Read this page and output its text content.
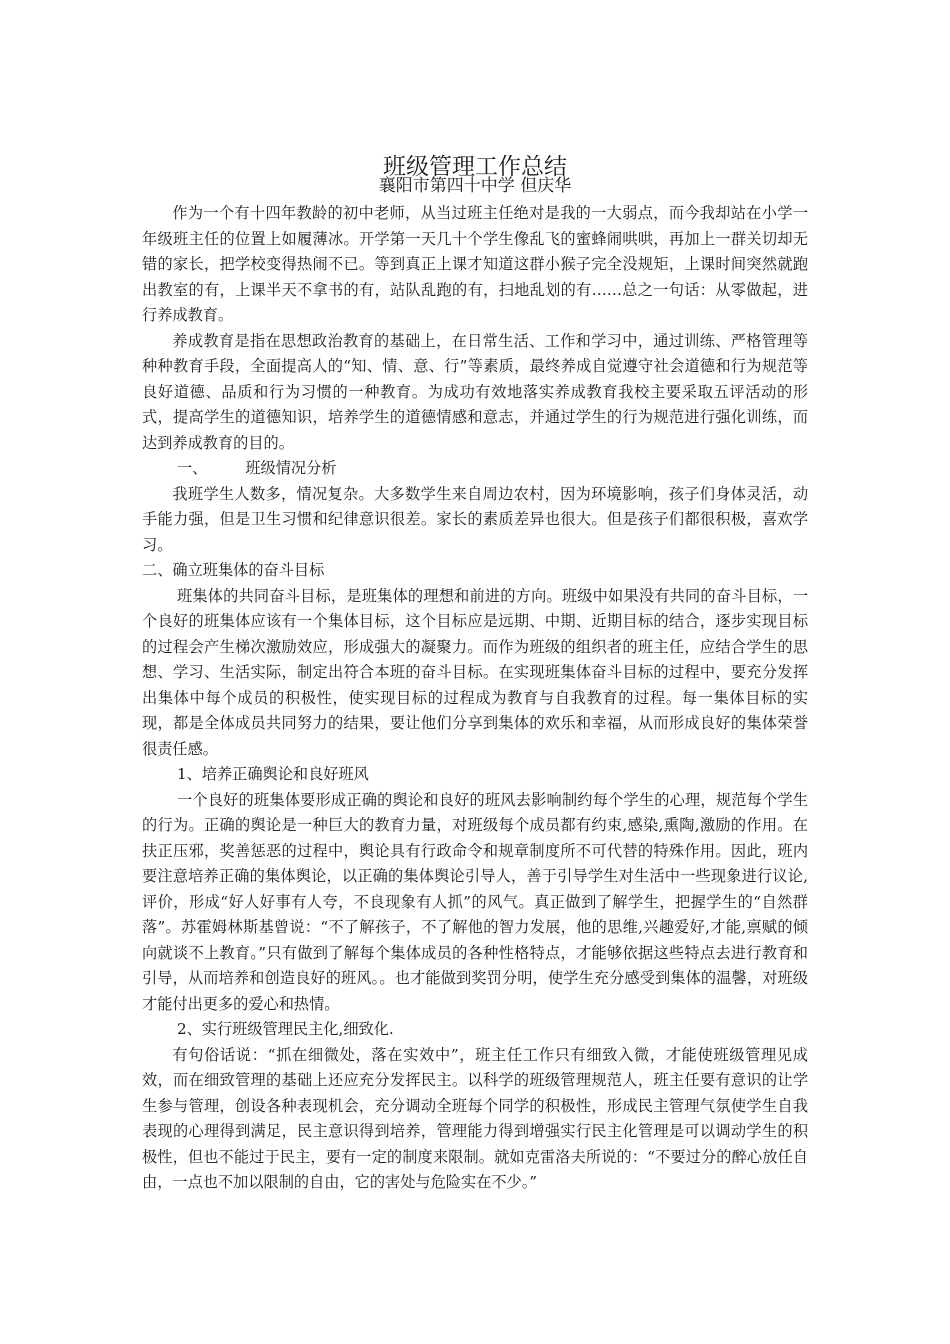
班级管理工作总结
襄阳市第四十中学 但庆华

作为一个有十四年教龄的初中老师，从当过班主任绝对是我的一大弱点，而今我却站在小学一年级班主任的位置上如履薄冰。开学第一天几十个学生像乱飞的蜜蜂闹哄哄，再加上一群关切却无错的家长，把学校变得热闹不已。等到真正上课才知道这群小猴子完全没规矩，上课时间突然就跑出教室的有，上课半天不拿书的有，站队乱跑的有，扫地乱划的有……总之一句话：从零做起，进行养成教育。

养成教育是指在思想政治教育的基础上，在日常生活、工作和学习中，通过训练、严格管理等种种教育手段，全面提高人的“知、情、意、行”等素质，最终养成自觉遵守社会道德和行为规范等良好道德、品质和行为习惯的一种教育。为成功有效地落实养成教育我校主要采取五评活动的形式，提高学生的道德知识，培养学生的道德情感和意志，并通过学生的行为规范进行强化训练，而达到养成教育的目的。

一、	班级情况分析

我班学生人数多，情况复杂。大多数学生来自周边农村，因为环境影响，孩子们身体灵活，动手能力强，但是卫生习惯和纪律意识很差。家长的素质差异也很大。但是孩子们都很积极，喜欢学习。

二、确立班集体的奋斗目标

班集体的共同奋斗目标，是班集体的理想和前进的方向。班级中如果没有共同的奋斗目标，一个良好的班集体应该有一个集体目标，这个目标应是远期、中期、近期目标的结合，逐步实现目标的过程会产生梯次激励效应，形成强大的凝聚力。而作为班级的组织者的班主任，应结合学生的思想、学习、生活实际，制定出符合本班的奋斗目标。在实现班集体奋斗目标的过程中，要充分发挥出集体中每个成员的积极性，使实现目标的过程成为教育与自我教育的过程。每一集体目标的实现，都是全体成员共同努力的结果，要让他们分享到集体的欢乐和幸福，从而形成良好的集体荣誉很责任感。

1、培养正确舆论和良好班风

一个良好的班集体要形成正确的舆论和良好的班风去影响制约每个学生的心理，规范每个学生的行为。正确的舆论是一种巨大的教育力量，对班级每个成员都有约束,感染,熏陶,激励的作用。在扶正压邪，奖善惩恶的过程中，舆论具有行政命令和规章制度所不可代替的特殊作用。因此，班内要注意培养正确的集体舆论，以正确的集体舆论引导人，善于引导学生对生活中一些现象进行议论,评价，形成“好人好事有人夸，不良现象有人抓”的风气。真正做到了解学生，把握学生的“自然群落”。苏霍姆林斯基曾说：“不了解孩子，不了解他的智力发展，他的思维,兴趣爱好,才能,禀赋的倾向就谈不上教育。”只有做到了解每个集体成员的各种性格特点，才能够依据这些特点去进行教育和引导，从而培养和创造良好的班风。。也才能做到奖罚分明，使学生充分感受到集体的温馨，对班级才能付出更多的爱心和热情。

2、实行班级管理民主化,细致化.

有句俗话说：“抓在细微处，落在实效中”，班主任工作只有细致入微，才能使班级管理见成效，而在细致管理的基础上还应充分发挥民主。以科学的班级管理规范人，班主任要有意识的让学生参与管理，创设各种表现机会，充分调动全班每个同学的积极性，形成民主管理气氛使学生自我表现的心理得到满足，民主意识得到培养，管理能力得到增强实行民主化管理是可以调动学生的积极性，但也不能过于民主，要有一定的制度来限制。就如克雷洛夫所说的：“不要过分的醉心放任自由，一点也不加以限制的自由，它的害处与危险实在不少。”
